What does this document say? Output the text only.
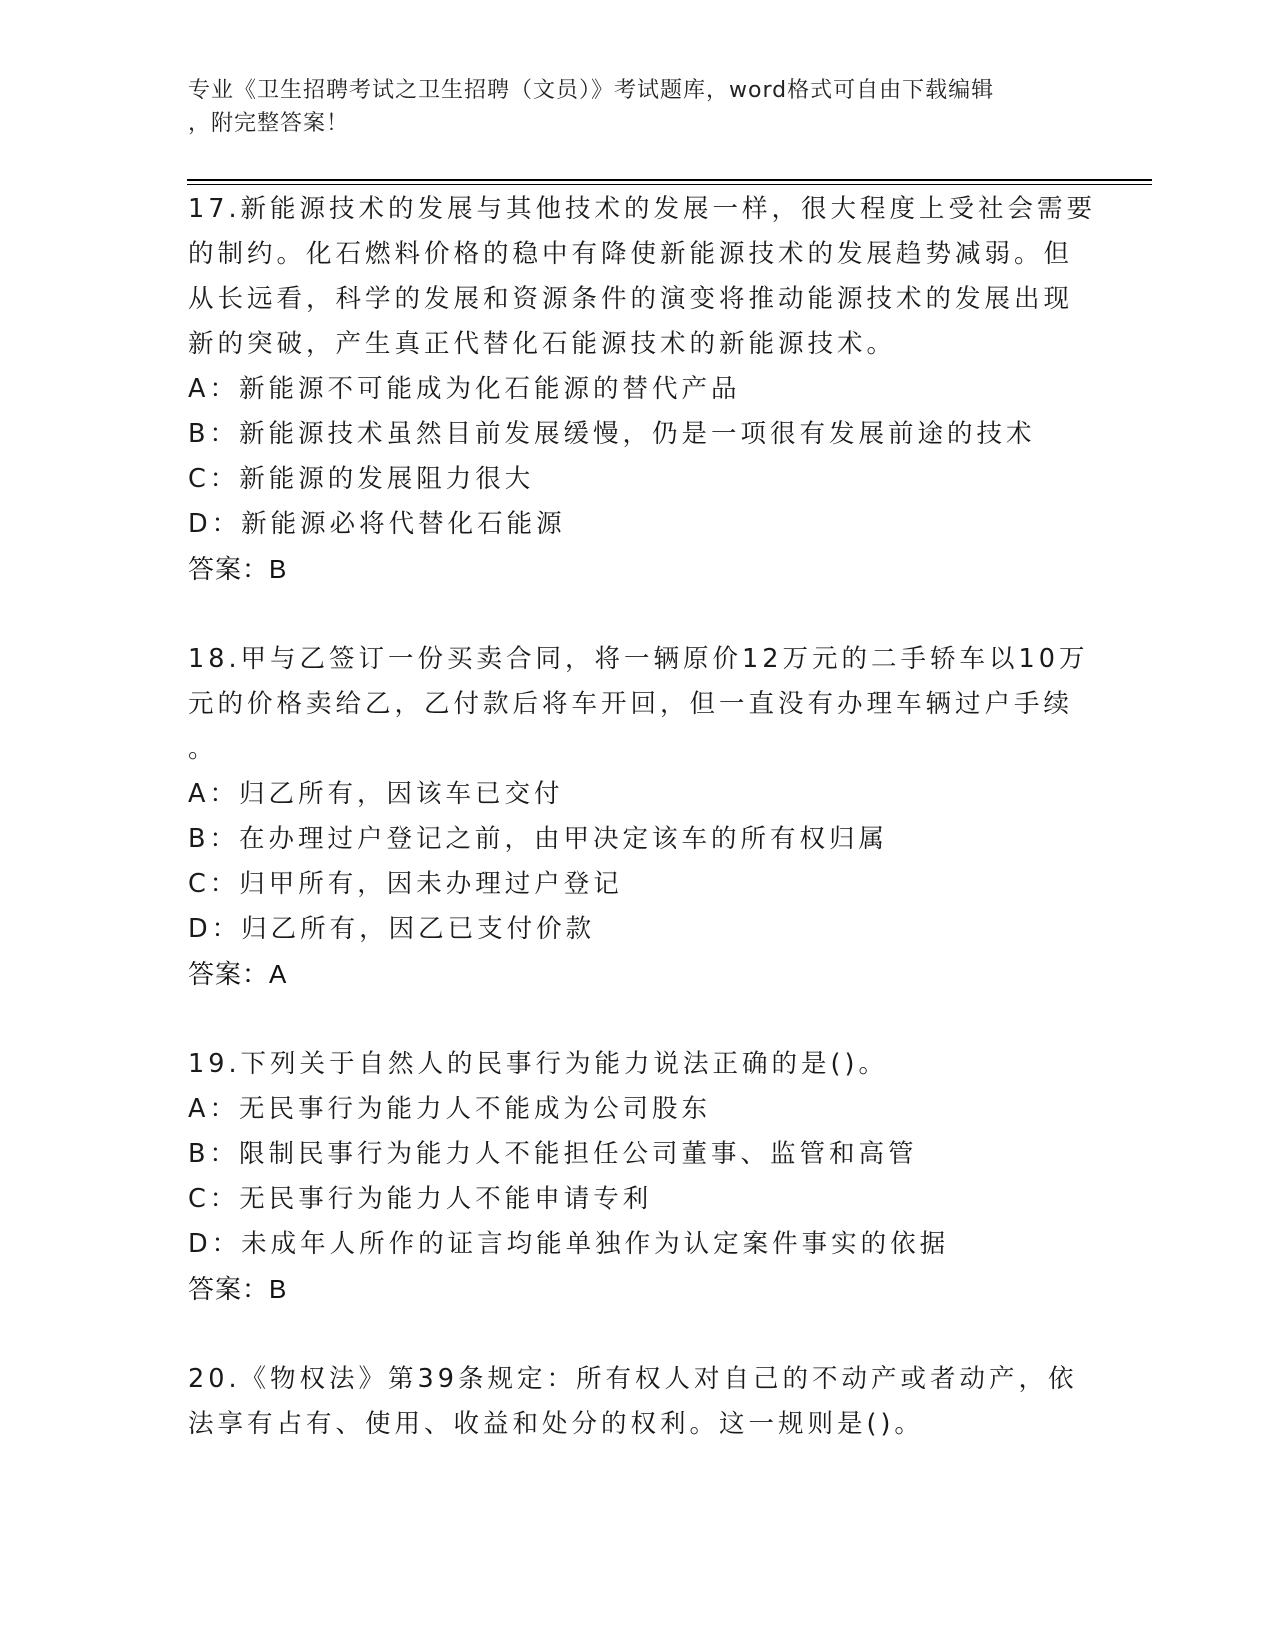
专业《卫生招聘考试之卫生招聘（文员）》考试题库，word格式可自由下载编辑
，附完整答案！
17.新能源技术的发展与其他技术的发展一样，很大程度上受社会需要
的制约。化石燃料价格的稳中有降使新能源技术的发展趋势减弱。但
从长远看，科学的发展和资源条件的演变将推动能源技术的发展出现
新的突破，产生真正代替化石能源技术的新能源技术。
A：新能源不可能成为化石能源的替代产品
B：新能源技术虽然目前发展缓慢，仍是一项很有发展前途的技术
C：新能源的发展阻力很大
D：新能源必将代替化石能源
答案：B
18.甲与乙签订一份买卖合同，将一辆原价12万元的二手轿车以10万
元的价格卖给乙，乙付款后将车开回，但一直没有办理车辆过户手续
。
A：归乙所有，因该车已交付
B：在办理过户登记之前，由甲决定该车的所有权归属
C：归甲所有，因未办理过户登记
D：归乙所有，因乙已支付价款
答案：A
19.下列关于自然人的民事行为能力说法正确的是()。
A：无民事行为能力人不能成为公司股东
B：限制民事行为能力人不能担任公司董事、监管和高管
C：无民事行为能力人不能申请专利
D：未成年人所作的证言均能单独作为认定案件事实的依据
答案：B
20.《物权法》第39条规定：所有权人对自己的不动产或者动产，依
法享有占有、使用、收益和处分的权利。这一规则是()。
